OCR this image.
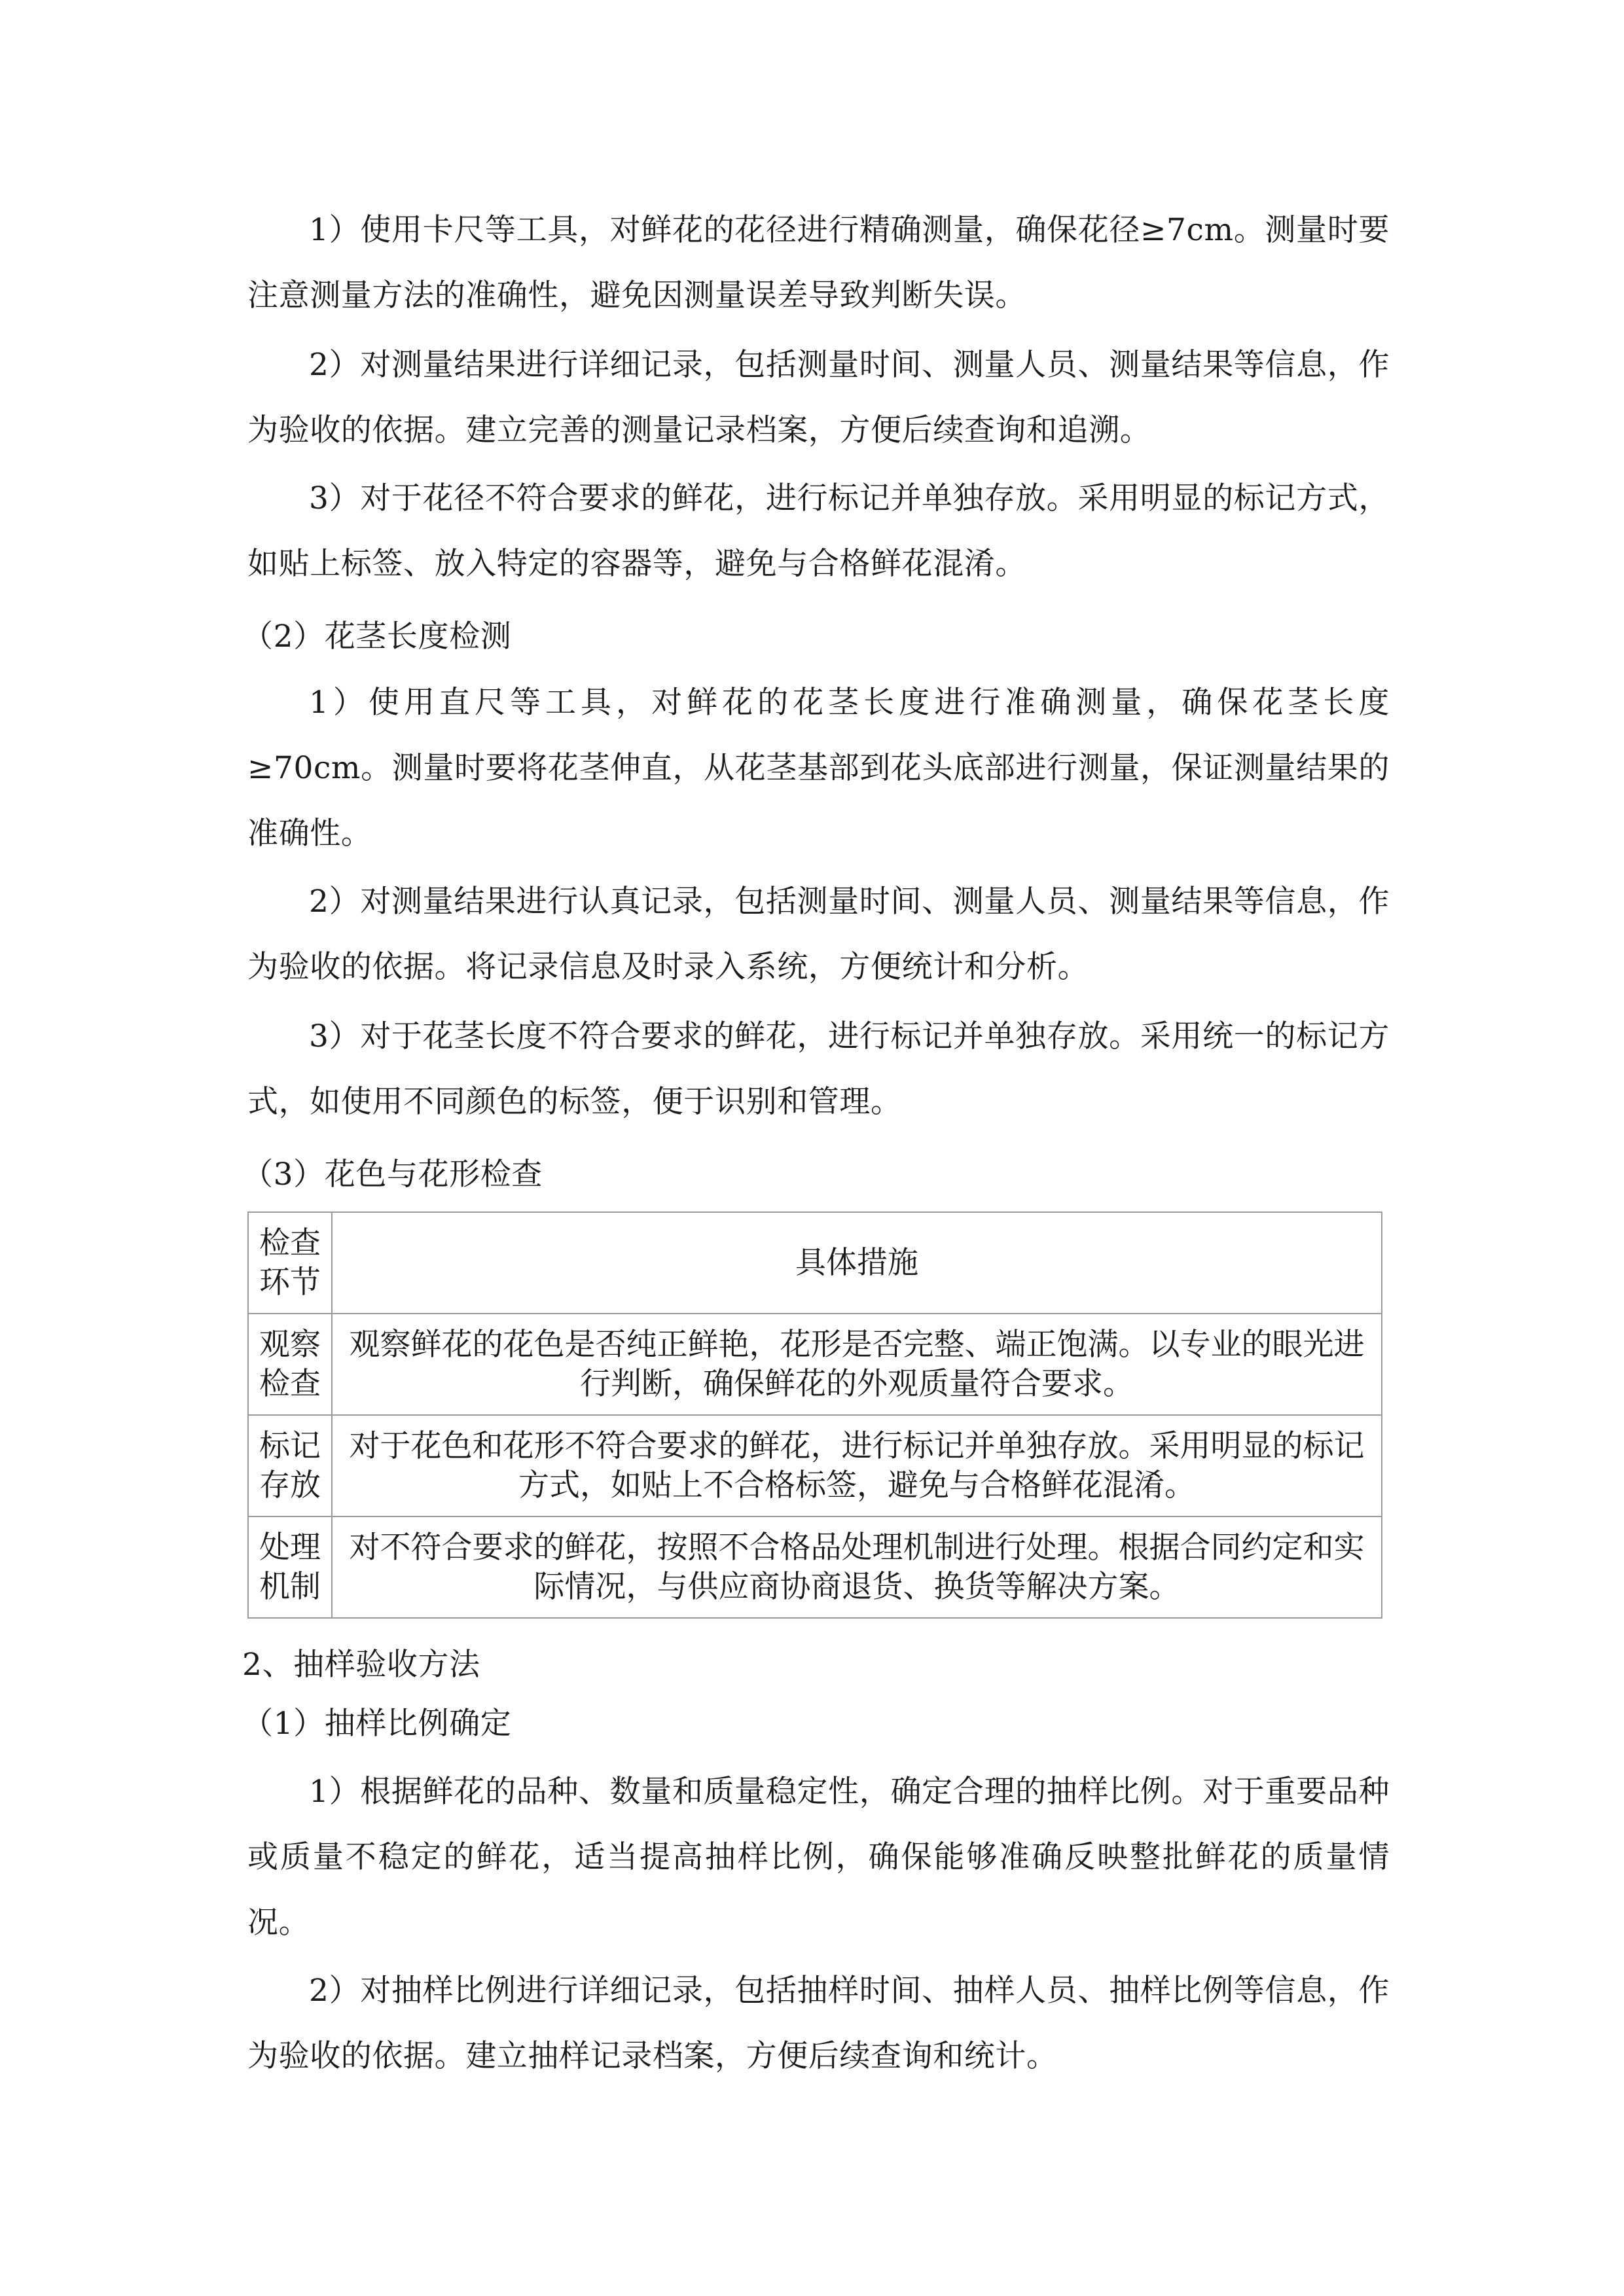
1）使用卡尺等工具，对鲜花的花径进行精确测量，确保花径≥7cm。测量时要注意测量方法的准确性，避免因测量误差导致判断失误。

2）对测量结果进行详细记录，包括测量时间、测量人员、测量结果等信息，作为验收的依据。建立完善的测量记录档案，方便后续查询和追溯。

3）对于花径不符合要求的鲜花，进行标记并单独存放。采用明显的标记方式，如贴上标签、放入特定的容器等，避免与合格鲜花混淆。

（2）花茎长度检测

1）使用直尺等工具，对鲜花的花茎长度进行准确测量，确保花茎长度≥70cm。测量时要将花茎伸直，从花茎基部到花头底部进行测量，保证测量结果的准确性。

2）对测量结果进行认真记录，包括测量时间、测量人员、测量结果等信息，作为验收的依据。将记录信息及时录入系统，方便统计和分析。

3）对于花茎长度不符合要求的鲜花，进行标记并单独存放。采用统一的标记方式，如使用不同颜色的标签，便于识别和管理。

（3）花色与花形检查

检查环节	具体措施
观察检查	观察鲜花的花色是否纯正鲜艳，花形是否完整、端正饱满。以专业的眼光进行判断，确保鲜花的外观质量符合要求。
标记存放	对于花色和花形不符合要求的鲜花，进行标记并单独存放。采用明显的标记方式，如贴上不合格标签，避免与合格鲜花混淆。
处理机制	对不符合要求的鲜花，按照不合格品处理机制进行处理。根据合同约定和实际情况，与供应商协商退货、换货等解决方案。

2、抽样验收方法

（1）抽样比例确定

1）根据鲜花的品种、数量和质量稳定性，确定合理的抽样比例。对于重要品种或质量不稳定的鲜花，适当提高抽样比例，确保能够准确反映整批鲜花的质量情况。

2）对抽样比例进行详细记录，包括抽样时间、抽样人员、抽样比例等信息，作为验收的依据。建立抽样记录档案，方便后续查询和统计。
